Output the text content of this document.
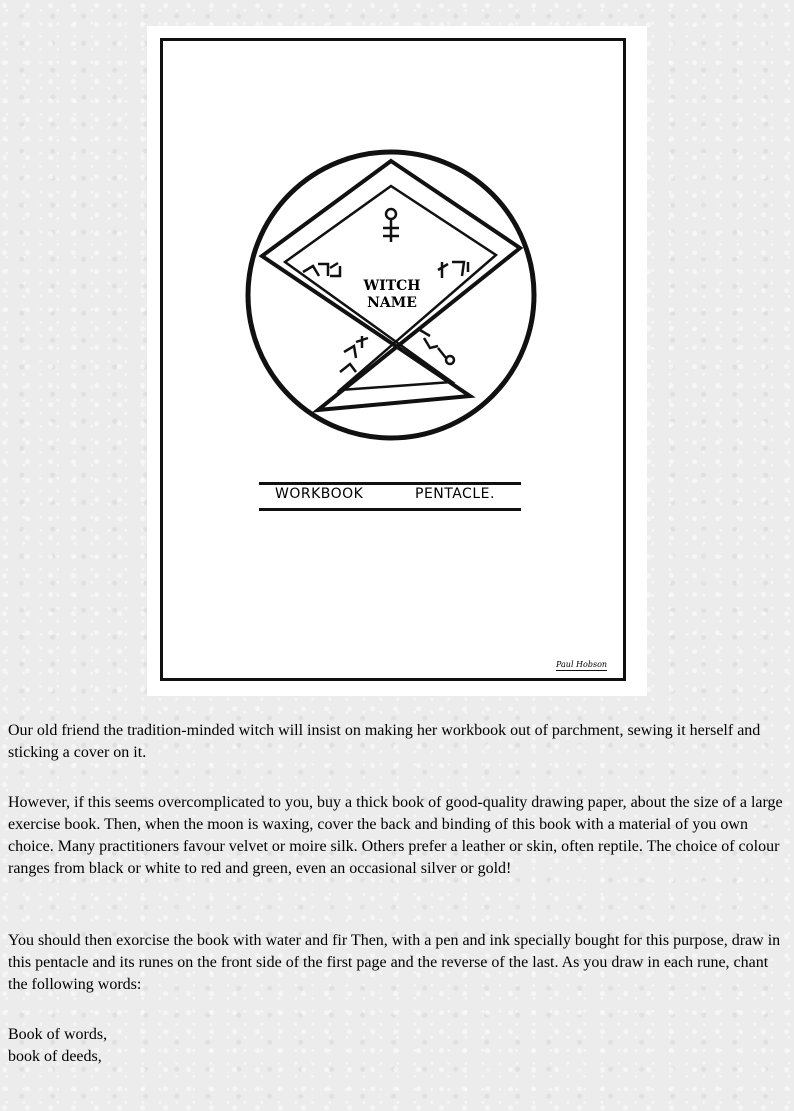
WITCH
NAME
WORKBOOK	PENTACLE.
Paul Hobson

Our old friend the tradition-minded witch will insist on making her workbook out of parchment, sewing it herself and sticking a cover on it.

However, if this seems overcomplicated to you, buy a thick book of good-quality drawing paper, about the size of a large exercise book. Then, when the moon is waxing, cover the back and binding of this book with a material of you own choice. Many practitioners favour velvet or moire silk. Others prefer a leather or skin, often reptile. The choice of colour ranges from black or white to red and green, even an occasional silver or gold!

You should then exorcise the book with water and fir Then, with a pen and ink specially bought for this purpose, draw in this pentacle and its runes on the front side of the first page and the reverse of the last. As you draw in each rune, chant the following words:

Book of words,

book of deeds,
